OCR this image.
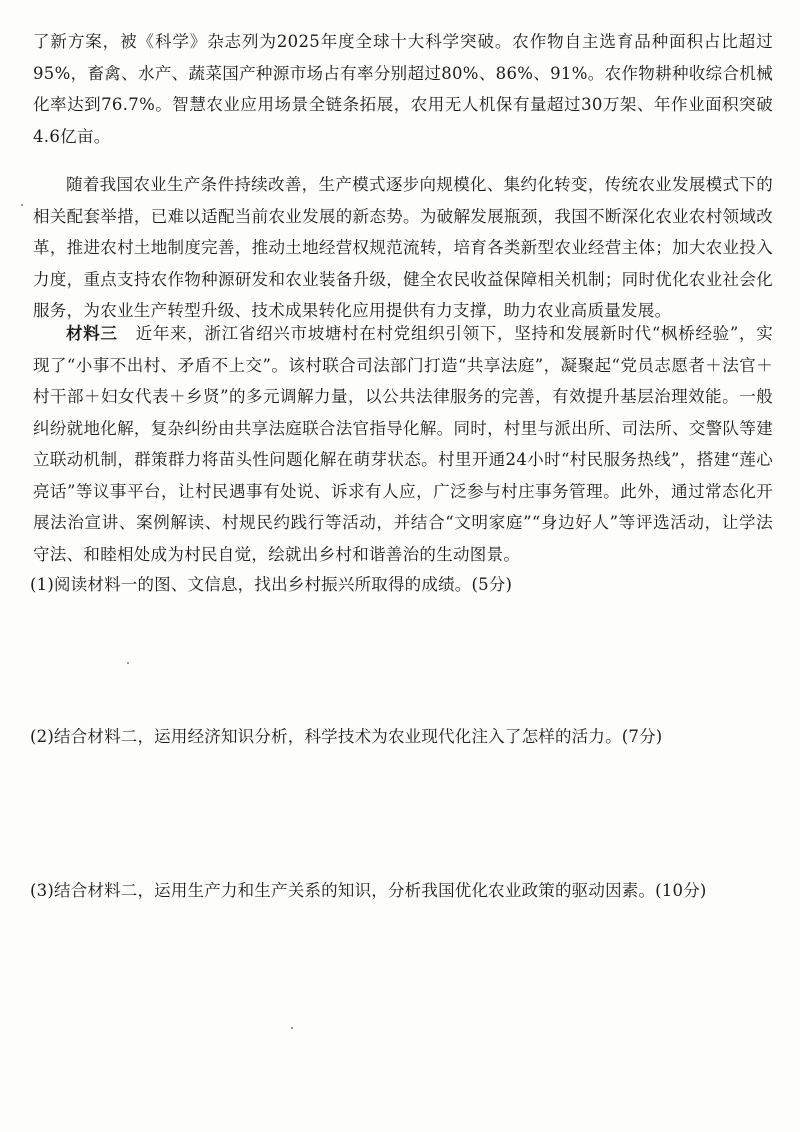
了新方案，被《科学》杂志列为2025年度全球十大科学突破。农作物自主选育品种面积占比超过95%，畜禽、水产、蔬菜国产种源市场占有率分别超过80%、86%、91%。农作物耕种收综合机械化率达到76.7%。智慧农业应用场景全链条拓展，农用无人机保有量超过30万架、年作业面积突破4.6亿亩。
随着我国农业生产条件持续改善，生产模式逐步向规模化、集约化转变，传统农业发展模式下的相关配套举措，已难以适配当前农业发展的新态势。为破解发展瓶颈，我国不断深化农业农村领域改革，推进农村土地制度完善，推动土地经营权规范流转，培育各类新型农业经营主体；加大农业投入力度，重点支持农作物种源研发和农业装备升级，健全农民收益保障相关机制；同时优化农业社会化服务，为农业生产转型升级、技术成果转化应用提供有力支撑，助力农业高质量发展。
材料三 近年来，浙江省绍兴市坡塘村在村党组织引领下，坚持和发展新时代“枫桥经验”，实现了“小事不出村、矛盾不上交”。该村联合司法部门打造“共享法庭”，凝聚起“党员志愿者＋法官＋村干部＋妇女代表＋乡贤”的多元调解力量，以公共法律服务的完善，有效提升基层治理效能。一般纠纷就地化解，复杂纠纷由共享法庭联合法官指导化解。同时，村里与派出所、司法所、交警队等建立联动机制，群策群力将苗头性问题化解在萌芽状态。村里开通24小时“村民服务热线”，搭建“莲心亮话”等议事平台，让村民遇事有处说、诉求有人应，广泛参与村庄事务管理。此外，通过常态化开展法治宣讲、案例解读、村规民约践行等活动，并结合“文明家庭”“身边好人”等评选活动，让学法守法、和睦相处成为村民自觉，绘就出乡村和谐善治的生动图景。
(1)阅读材料一的图、文信息，找出乡村振兴所取得的成绩。(5分)
(2)结合材料二，运用经济知识分析，科学技术为农业现代化注入了怎样的活力。(7分)
(3)结合材料二，运用生产力和生产关系的知识，分析我国优化农业政策的驱动因素。(10分)
